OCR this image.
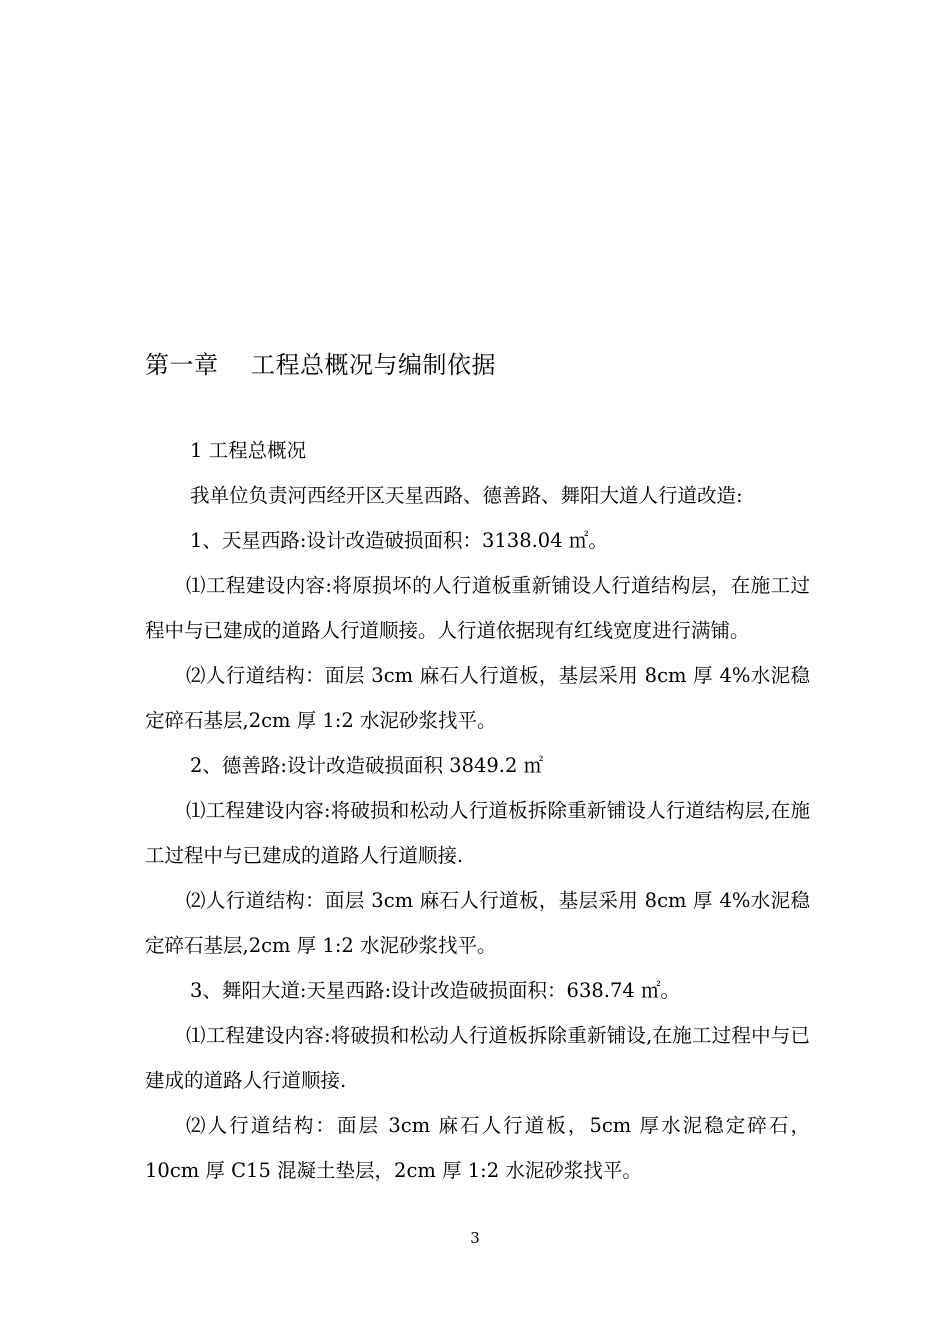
第一章    工程总概况与编制依据

1 工程总概况

我单位负责河西经开区天星西路、德善路、舞阳大道人行道改造:

1、天星西路:设计改造破损面积：3138.04 ㎡。

⑴工程建设内容:将原损坏的人行道板重新铺设人行道结构层，在施工过程中与已建成的道路人行道顺接。人行道依据现有红线宽度进行满铺。

⑵人行道结构：面层 3cm 麻石人行道板，基层采用 8cm 厚 4%水泥稳定碎石基层,2cm 厚 1:2 水泥砂浆找平。

2、德善路:设计改造破损面积 3849.2 ㎡

⑴工程建设内容:将破损和松动人行道板拆除重新铺设人行道结构层,在施工过程中与已建成的道路人行道顺接.

⑵人行道结构：面层 3cm 麻石人行道板，基层采用 8cm 厚 4%水泥稳定碎石基层,2cm 厚 1:2 水泥砂浆找平。

3、舞阳大道:天星西路:设计改造破损面积：638.74 ㎡。

⑴工程建设内容:将破损和松动人行道板拆除重新铺设,在施工过程中与已建成的道路人行道顺接.

⑵人行道结构：面层 3cm 麻石人行道板，5cm 厚水泥稳定碎石，10cm 厚 C15 混凝土垫层，2cm 厚 1:2 水泥砂浆找平。

3
